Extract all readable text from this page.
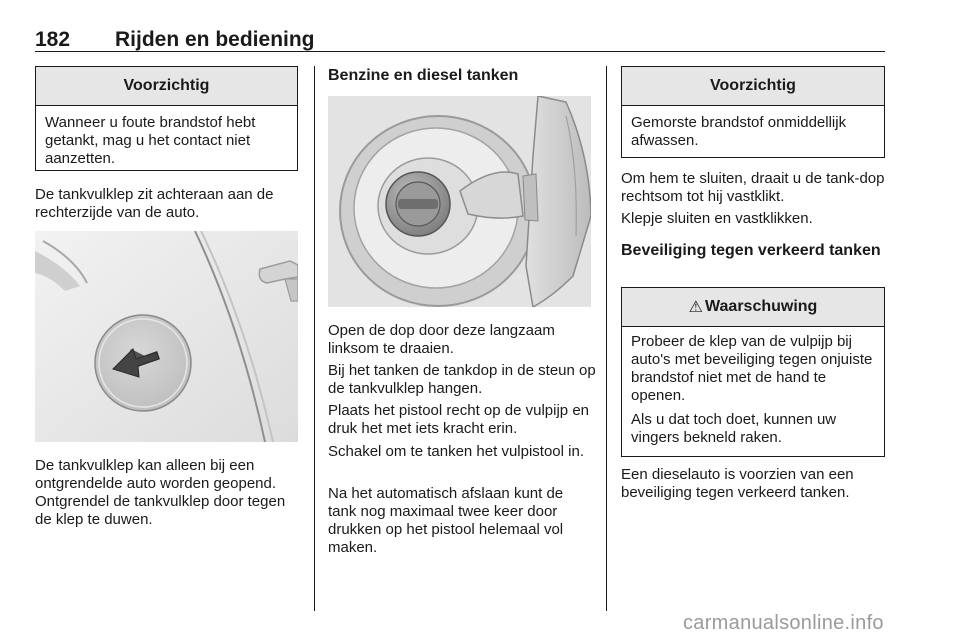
182 Rijden en bediening
Voorzichtig
Wanneer u foute brandstof hebt getankt, mag u het contact niet aanzetten.

De tankvulklep zit achteraan aan de rechterzijde van de auto.

De tankvulklep kan alleen bij een ontgrendelde auto worden geopend. Ontgrendel de tankvulklep door tegen de klep te duwen.

Benzine en diesel tanken

Open de dop door deze langzaam linksom te draaien.

Bij het tanken de tankdop in de steun op de tankvulklep hangen.

Plaats het pistool recht op de vulpijp en druk het met iets kracht erin.

Schakel om te tanken het vulpistool in.

Na het automatisch afslaan kunt de tank nog maximaal twee keer door drukken op het pistool helemaal vol maken.

Voorzichtig
Gemorste brandstof onmiddellijk afwassen.

Om hem te sluiten, draait u de tank-dop rechtsom tot hij vastklikt.

Klepje sluiten en vastklikken.

Beveiliging tegen verkeerd tanken
⚠ Waarschuwing

Probeer de klep van de vulpijp bij auto's met beveiliging tegen onjuiste brandstof niet met de hand te openen.

Als u dat toch doet, kunnen uw vingers bekneld raken.

Een dieselauto is voorzien van een beveiliging tegen verkeerd tanken.

carmanualsonline.info
